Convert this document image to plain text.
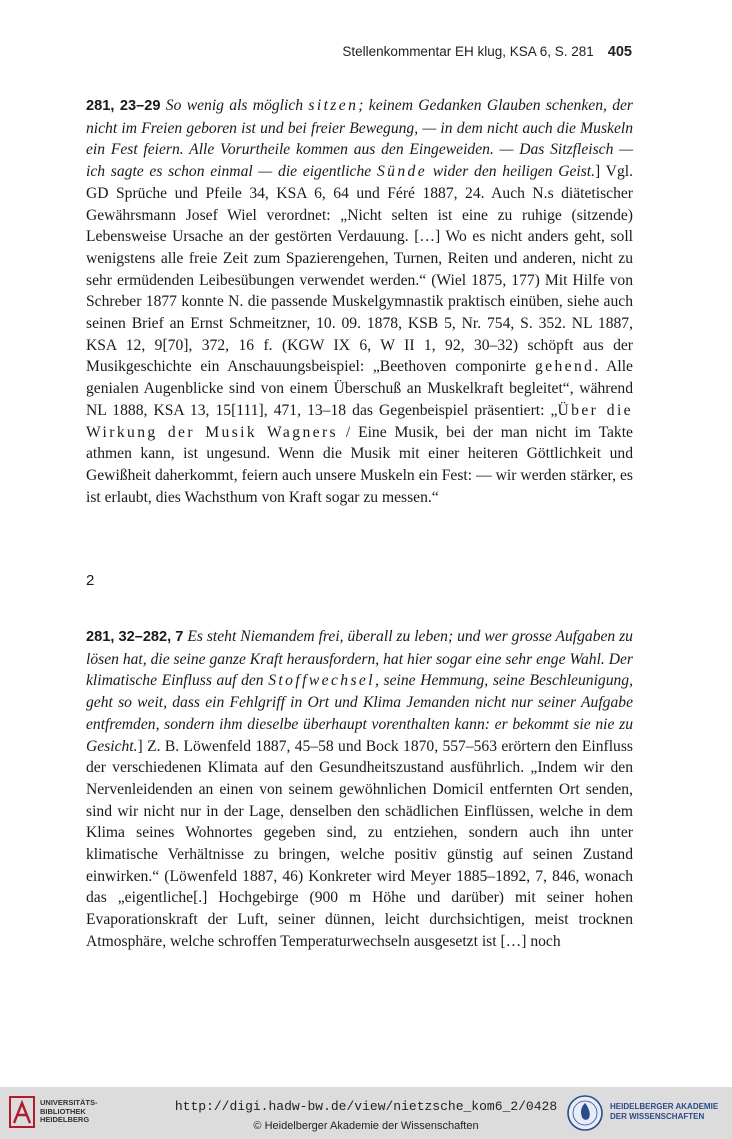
Stellenkommentar EH klug, KSA 6, S. 281 405
281, 23–29 So wenig als möglich sitzen; keinem Gedanken Glauben schenken, der nicht im Freien geboren ist und bei freier Bewegung, — in dem nicht auch die Muskeln ein Fest feiern. Alle Vorurtheile kommen aus den Eingeweiden. — Das Sitzfleisch — ich sagte es schon einmal — die eigentliche Sünde wider den heiligen Geist.] Vgl. GD Sprüche und Pfeile 34, KSA 6, 64 und Féré 1887, 24. Auch N.s diätetischer Gewährsmann Josef Wiel verordnet: „Nicht selten ist eine zu ruhige (sitzende) Lebensweise Ursache an der gestörten Verdauung. […] Wo es nicht anders geht, soll wenigstens alle freie Zeit zum Spazierengehen, Turnen, Reiten und anderen, nicht zu sehr ermüdenden Leibesübungen verwendet werden.“ (Wiel 1875, 177) Mit Hilfe von Schreber 1877 konnte N. die passende Muskelgymnastik praktisch einüben, siehe auch seinen Brief an Ernst Schmeitzner, 10. 09. 1878, KSB 5, Nr. 754, S. 352. NL 1887, KSA 12, 9[70], 372, 16 f. (KGW IX 6, W II 1, 92, 30–32) schöpft aus der Musikgeschichte ein Anschauungsbeispiel: „Beethoven componirte gehend. Alle genialen Augenblicke sind von einem Überschuß an Muskelkraft begleitet“, während NL 1888, KSA 13, 15[111], 471, 13–18 das Gegenbeispiel präsentiert: „Über die Wirkung der Musik Wagners / Eine Musik, bei der man nicht im Takte athmen kann, ist ungesund. Wenn die Musik mit einer heiteren Göttlichkeit und Gewißheit daherkommt, feiern auch unsere Muskeln ein Fest: — wir werden stärker, es ist erlaubt, dies Wachsthum von Kraft sogar zu messen.“
2
281, 32–282, 7 Es steht Niemandem frei, überall zu leben; und wer grosse Aufgaben zu lösen hat, die seine ganze Kraft herausfordern, hat hier sogar eine sehr enge Wahl. Der klimatische Einfluss auf den Stoffwechsel, seine Hemmung, seine Beschleunigung, geht so weit, dass ein Fehlgriff in Ort und Klima Jemanden nicht nur seiner Aufgabe entfremden, sondern ihm dieselbe überhaupt vorenthalten kann: er bekommt sie nie zu Gesicht.] Z. B. Löwenfeld 1887, 45–58 und Bock 1870, 557–563 erörtern den Einfluss der verschiedenen Klimata auf den Gesundheitszustand ausführlich. „Indem wir den Nervenleidenden an einen von seinem gewöhnlichen Domicil entfernten Ort senden, sind wir nicht nur in der Lage, denselben den schädlichen Einflüssen, welche in dem Klima seines Wohnortes gegeben sind, zu entziehen, sondern auch ihn unter klimatische Verhältnisse zu bringen, welche positiv günstig auf seinen Zustand einwirken.“ (Löwenfeld 1887, 46) Konkreter wird Meyer 1885–1892, 7, 846, wonach das „eigentliche[.] Hochgebirge (900 m Höhe und darüber) mit seiner hohen Evaporationskraft der Luft, seiner dünnen, leicht durchsichtigen, meist trocknen Atmosphäre, welche schroffen Temperaturwechseln ausgesetzt ist […] noch
UNIVERSITÄTS-
BIBLIOTHEK
HEIDELBERG
http://digi.hadw-bw.de/view/nietzsche_kom6_2/0428
© Heidelberger Akademie der Wissenschaften
HEIDELBERGER AKADEMIE
DER WISSENSCHAFTEN
